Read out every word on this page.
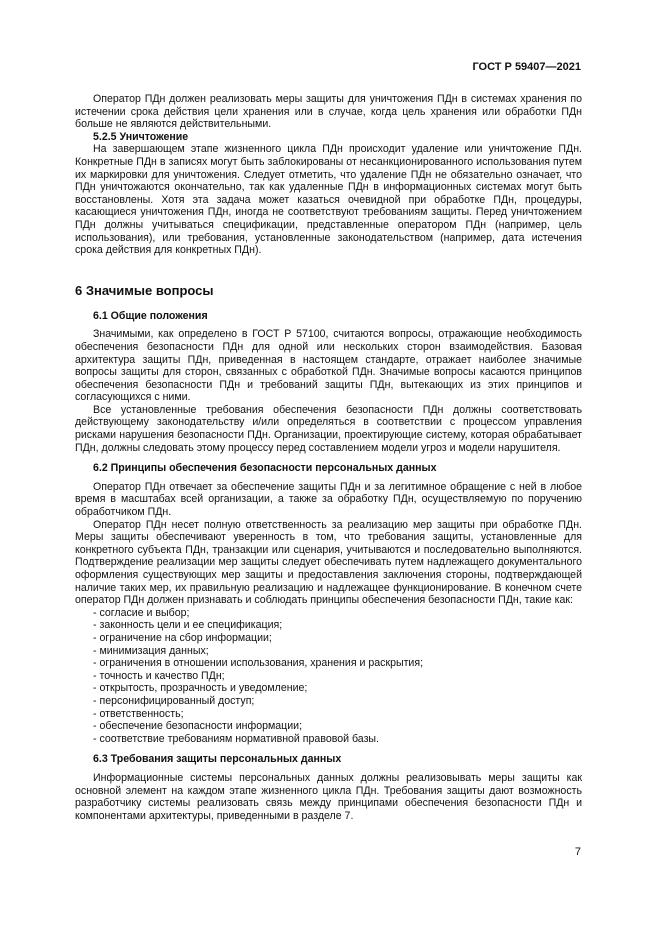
ГОСТ Р 59407—2021

Оператор ПДн должен реализовать меры защиты для уничтожения ПДн в системах хранения по истечении срока действия цели хранения или в случае, когда цель хранения или обработки ПДн больше не являются действительными.

5.2.5 Уничтожение

На завершающем этапе жизненного цикла ПДн происходит удаление или уничтожение ПДн. Конкретные ПДн в записях могут быть заблокированы от несанкционированного использования путем их маркировки для уничтожения. Следует отметить, что удаление ПДн не обязательно означает, что ПДн уничтожаются окончательно, так как удаленные ПДн в информационных системах могут быть восстановлены. Хотя эта задача может казаться очевидной при обработке ПДн, процедуры, касающиеся уничтожения ПДн, иногда не соответствуют требованиям защиты. Перед уничтожением ПДн должны учитываться спецификации, представленные оператором ПДн (например, цель использования), или требования, установленные законодательством (например, дата истечения срока действия для конкретных ПДн).

6 Значимые вопросы
6.1 Общие положения

Значимыми, как определено в ГОСТ Р 57100, считаются вопросы, отражающие необходимость обеспечения безопасности ПДн для одной или нескольких сторон взаимодействия. Базовая архитектура защиты ПДн, приведенная в настоящем стандарте, отражает наиболее значимые вопросы защиты для сторон, связанных с обработкой ПДн. Значимые вопросы касаются принципов обеспечения безопасности ПДн и требований защиты ПДн, вытекающих из этих принципов и согласующихся с ними.

Все установленные требования обеспечения безопасности ПДн должны соответствовать действующему законодательству и/или определяться в соответствии с процессом управления рисками нарушения безопасности ПДн. Организации, проектирующие систему, которая обрабатывает ПДн, должны следовать этому процессу перед составлением модели угроз и модели нарушителя.

6.2 Принципы обеспечения безопасности персональных данных

Оператор ПДн отвечает за обеспечение защиты ПДн и за легитимное обращение с ней в любое время в масштабах всей организации, а также за обработку ПДн, осуществляемую по поручению обработчиком ПДн.

Оператор ПДн несет полную ответственность за реализацию мер защиты при обработке ПДн. Меры защиты обеспечивают уверенность в том, что требования защиты, установленные для конкретного субъекта ПДн, транзакции или сценария, учитываются и последовательно выполняются. Подтверждение реализации мер защиты следует обеспечивать путем надлежащего документального оформления существующих мер защиты и предоставления заключения стороны, подтверждающей наличие таких мер, их правильную реализацию и надлежащее функционирование. В конечном счете оператор ПДн должен признавать и соблюдать принципы обеспечения безопасности ПДн, такие как:

- согласие и выбор;
- законность цели и ее спецификация;
- ограничение на сбор информации;
- минимизация данных;
- ограничения в отношении использования, хранения и раскрытия;
- точность и качество ПДн;
- открытость, прозрачность и уведомление;
- персонифицированный доступ;
- ответственность;
- обеспечение безопасности информации;
- соответствие требованиям нормативной правовой базы.
6.3 Требования защиты персональных данных

Информационные системы персональных данных должны реализовывать меры защиты как основной элемент на каждом этапе жизненного цикла ПДн. Требования защиты дают возможность разработчику системы реализовать связь между принципами обеспечения безопасности ПДн и компонентами архитектуры, приведенными в разделе 7.

7
